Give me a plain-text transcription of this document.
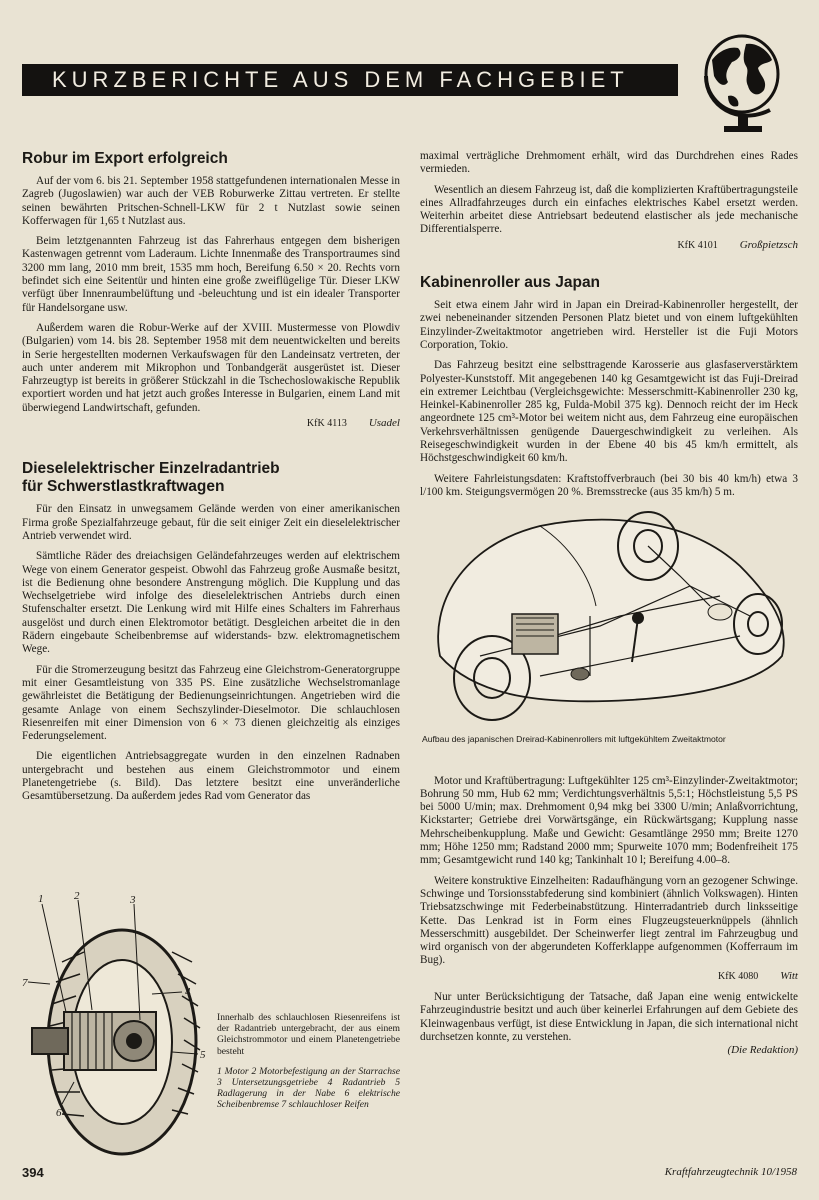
KURZBERICHTE AUS DEM FACHGEBIET
Robur im Export erfolgreich

Auf der vom 6. bis 21. September 1958 stattgefundenen internationalen Messe in Zagreb (Jugoslawien) war auch der VEB Roburwerke Zittau vertreten. Er stellte seinen bewährten Pritschen-Schnell-LKW für 2 t Nutzlast sowie seinen Kofferwagen für 1,65 t Nutzlast aus.

Beim letztgenannten Fahrzeug ist das Fahrerhaus entgegen dem bisherigen Kastenwagen getrennt vom Laderaum. Lichte Innenmaße des Transportraumes sind 3200 mm lang, 2010 mm breit, 1535 mm hoch, Bereifung 6.50 × 20. Rechts vorn befindet sich eine Seitentür und hinten eine große zweiflügelige Tür. Dieser LKW verfügt über Innenraumbelüftung und -beleuchtung und ist ein idealer Transporter für Handelsorgane usw.

Außerdem waren die Robur-Werke auf der XVIII. Mustermesse von Plowdiv (Bulgarien) vom 14. bis 28. September 1958 mit dem neuentwickelten und bereits in Serie hergestellten modernen Verkaufswagen für den Landeinsatz vertreten, der auch unter anderem mit Mikrophon und Tonbandgerät ausgerüstet ist. Dieser Fahrzeugtyp ist bereits in größerer Stückzahl in die Tschechoslowakische Republik exportiert worden und hat jetzt auch großes Interesse in Bulgarien, einem Land mit überwiegend Landwirtschaft, gefunden.

KfK 4113 Usadel
Dieselelektrischer Einzelradantrieb
für Schwerstlastkraftwagen

Für den Einsatz in unwegsamem Gelände werden von einer amerikanischen Firma große Spezialfahrzeuge gebaut, für die seit einiger Zeit ein dieselelektrischer Antrieb verwendet wird.

Sämtliche Räder des dreiachsigen Geländefahrzeuges werden auf elektrischem Wege von einem Generator gespeist. Obwohl das Fahrzeug große Ausmaße besitzt, ist die Bedienung ohne besondere Anstrengung möglich. Die Kupplung und das Wechselgetriebe wird infolge des dieselelektrischen Antriebs durch einen Stufenschalter ersetzt. Die Lenkung wird mit Hilfe eines Schalters im Fahrerhaus ausgelöst und durch einen Elektromotor betätigt. Desgleichen arbeitet die in den Rädern eingebaute Scheibenbremse auf widerstands- bzw. elektromagnetischem Wege.

Für die Stromerzeugung besitzt das Fahrzeug eine Gleichstrom-Generatorgruppe mit einer Gesamtleistung von 335 PS. Eine zusätzliche Wechselstromanlage gewährleistet die Betätigung der Bedienungseinrichtungen. Angetrieben wird die gesamte Anlage von einem Sechszylinder-Dieselmotor. Die schlauchlosen Riesenreifen mit einer Dimension von 6 × 73 dienen gleichzeitig als einziges Federungselement.

Die eigentlichen Antriebsaggregate wurden in den einzelnen Radnaben untergebracht und bestehen aus einem Gleichstrommotor und einem Planetengetriebe (s. Bild). Das letztere besitzt eine unveränderliche Gesamtübersetzung. Da außerdem jedes Rad vom Generator das

1	2	3
4
5
6
7
Innerhalb des schlauchlosen Riesenreifens ist der Radantrieb untergebracht, der aus einem Gleichstrommotor und einem Planetengetriebe besteht
1 Motor 2 Motorbefestigung an der Starrachse 3 Untersetzungsgetriebe 4 Radantrieb 5 Radlagerung in der Nabe 6 elektrische Scheibenbremse 7 schlauchloser Reifen

maximal verträgliche Drehmoment erhält, wird das Durchdrehen eines Rades vermieden.

Wesentlich an diesem Fahrzeug ist, daß die komplizierten Kraftübertragungsteile eines Allradfahrzeuges durch ein einfaches elektrisches Kabel ersetzt werden. Weiterhin arbeitet diese Antriebsart bedeutend elastischer als jede mechanische Differentialsperre.

KfK 4101 Großpietzsch
Kabinenroller aus Japan

Seit etwa einem Jahr wird in Japan ein Dreirad-Kabinenroller hergestellt, der zwei nebeneinander sitzenden Personen Platz bietet und von einem luftgekühlten Einzylinder-Zweitaktmotor angetrieben wird. Hersteller ist die Fuji Motors Corporation, Tokio.

Das Fahrzeug besitzt eine selbsttragende Karosserie aus glasfaserverstärktem Polyester-Kunststoff. Mit angegebenen 140 kg Gesamtgewicht ist das Fuji-Dreirad ein extremer Leichtbau (Vergleichsgewichte: Messerschmitt-Kabinenroller 230 kg, Heinkel-Kabinenroller 285 kg, Fulda-Mobil 375 kg). Dennoch reicht der im Heck angeordnete 125 cm³-Motor bei weitem nicht aus, dem Fahrzeug eine europäischen Verkehrsverhältnissen genügende Dauergeschwindigkeit zu verleihen. Als Reisegeschwindigkeit wurden in der Ebene 40 bis 45 km/h ermittelt, als Höchstgeschwindigkeit 60 km/h.

Weitere Fahrleistungsdaten: Kraftstoffverbrauch (bei 30 bis 40 km/h) etwa 3 l/100 km. Steigungsvermögen 20 %. Bremsstrecke (aus 35 km/h) 5 m.

Aufbau des japanischen Dreirad-Kabinenrollers mit luftgekühltem Zweitaktmotor

Motor und Kraftübertragung: Luftgekühlter 125 cm³-Einzylinder-Zweitaktmotor; Bohrung 50 mm, Hub 62 mm; Verdichtungsverhältnis 5,5:1; Höchstleistung 5,5 PS bei 5000 U/min; max. Drehmoment 0,94 mkg bei 3300 U/min; Anlaßvorrichtung, Kickstarter; Getriebe drei Vorwärtsgänge, ein Rückwärtsgang; Kupplung nasse Mehrscheibenkupplung. Maße und Gewicht: Gesamtlänge 2950 mm; Breite 1270 mm; Höhe 1250 mm; Radstand 2000 mm; Spurweite 1070 mm; Bodenfreiheit 175 mm; Gesamtgewicht rund 140 kg; Tankinhalt 10 l; Bereifung 4.00–8.

Weitere konstruktive Einzelheiten: Radaufhängung vorn an gezogener Schwinge. Schwinge und Torsionsstabfederung sind kombiniert (ähnlich Volkswagen). Hinten Triebsatzschwinge mit Federbeinabstützung. Hinterradantrieb durch linksseitige Kette. Das Lenkrad ist in Form eines Flugzeugsteuerknüppels (ähnlich Messerschmitt) ausgebildet. Der Scheinwerfer liegt zentral im Fahrzeugbug und wird organisch von der abgerundeten Kofferklappe aufgenommen (Kofferraum im Bug).

KfK 4080 Witt

Nur unter Berücksichtigung der Tatsache, daß Japan eine wenig entwickelte Fahrzeugindustrie besitzt und auch über keinerlei Erfahrungen auf dem Gebiete des Kleinwagenbaus verfügt, ist diese Entwicklung in Japan, die sich international nicht durchsetzen konnte, zu verstehen.

(Die Redaktion)
394	Kraftfahrzeugtechnik 10/1958
